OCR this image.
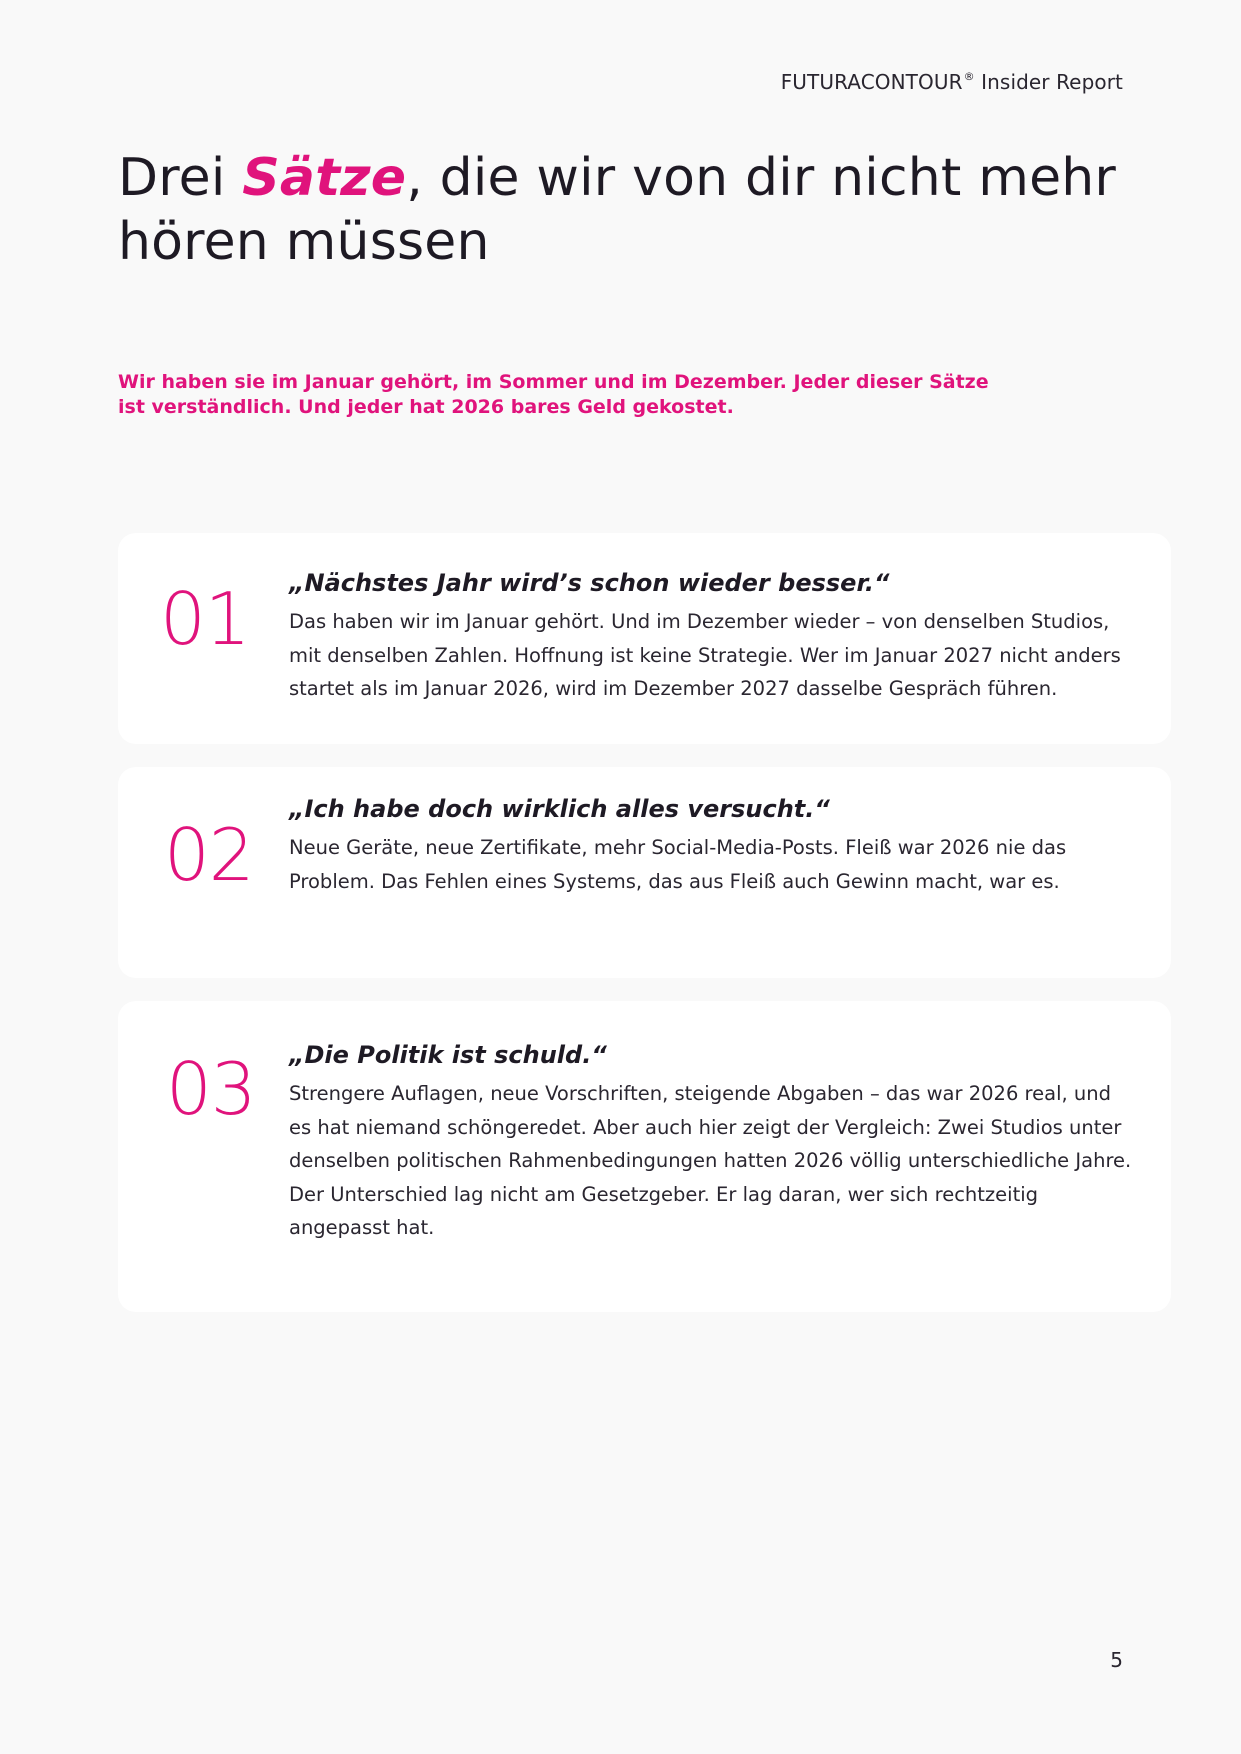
FUTURACONTOUR® Insider Report
Drei Sätze, die wir von dir nicht mehr hören müssen

Wir haben sie im Januar gehört, im Sommer und im Dezember. Jeder dieser Sätze ist verständlich. Und jeder hat 2026 bares Geld gekostet.

01 „Nächstes Jahr wird’s schon wieder besser.“

Das haben wir im Januar gehört. Und im Dezember wieder – von denselben Studios, mit denselben Zahlen. Hoffnung ist keine Strategie. Wer im Januar 2027 nicht anders startet als im Januar 2026, wird im Dezember 2027 dasselbe Gespräch führen.

02

„Ich habe doch wirklich alles versucht.“

Neue Geräte, neue Zertifikate, mehr Social-Media-Posts. Fleiß war 2026 nie das Problem. Das Fehlen eines Systems, das aus Fleiß auch Gewinn macht, war es.

03 „Die Politik ist schuld.“

Strengere Auflagen, neue Vorschriften, steigende Abgaben – das war 2026 real, und es hat niemand schöngeredet. Aber auch hier zeigt der Vergleich: Zwei Studios unter denselben politischen Rahmenbedingungen hatten 2026 völlig unterschiedliche Jahre. Der Unterschied lag nicht am Gesetzgeber. Er lag daran, wer sich rechtzeitig angepasst hat.

5
